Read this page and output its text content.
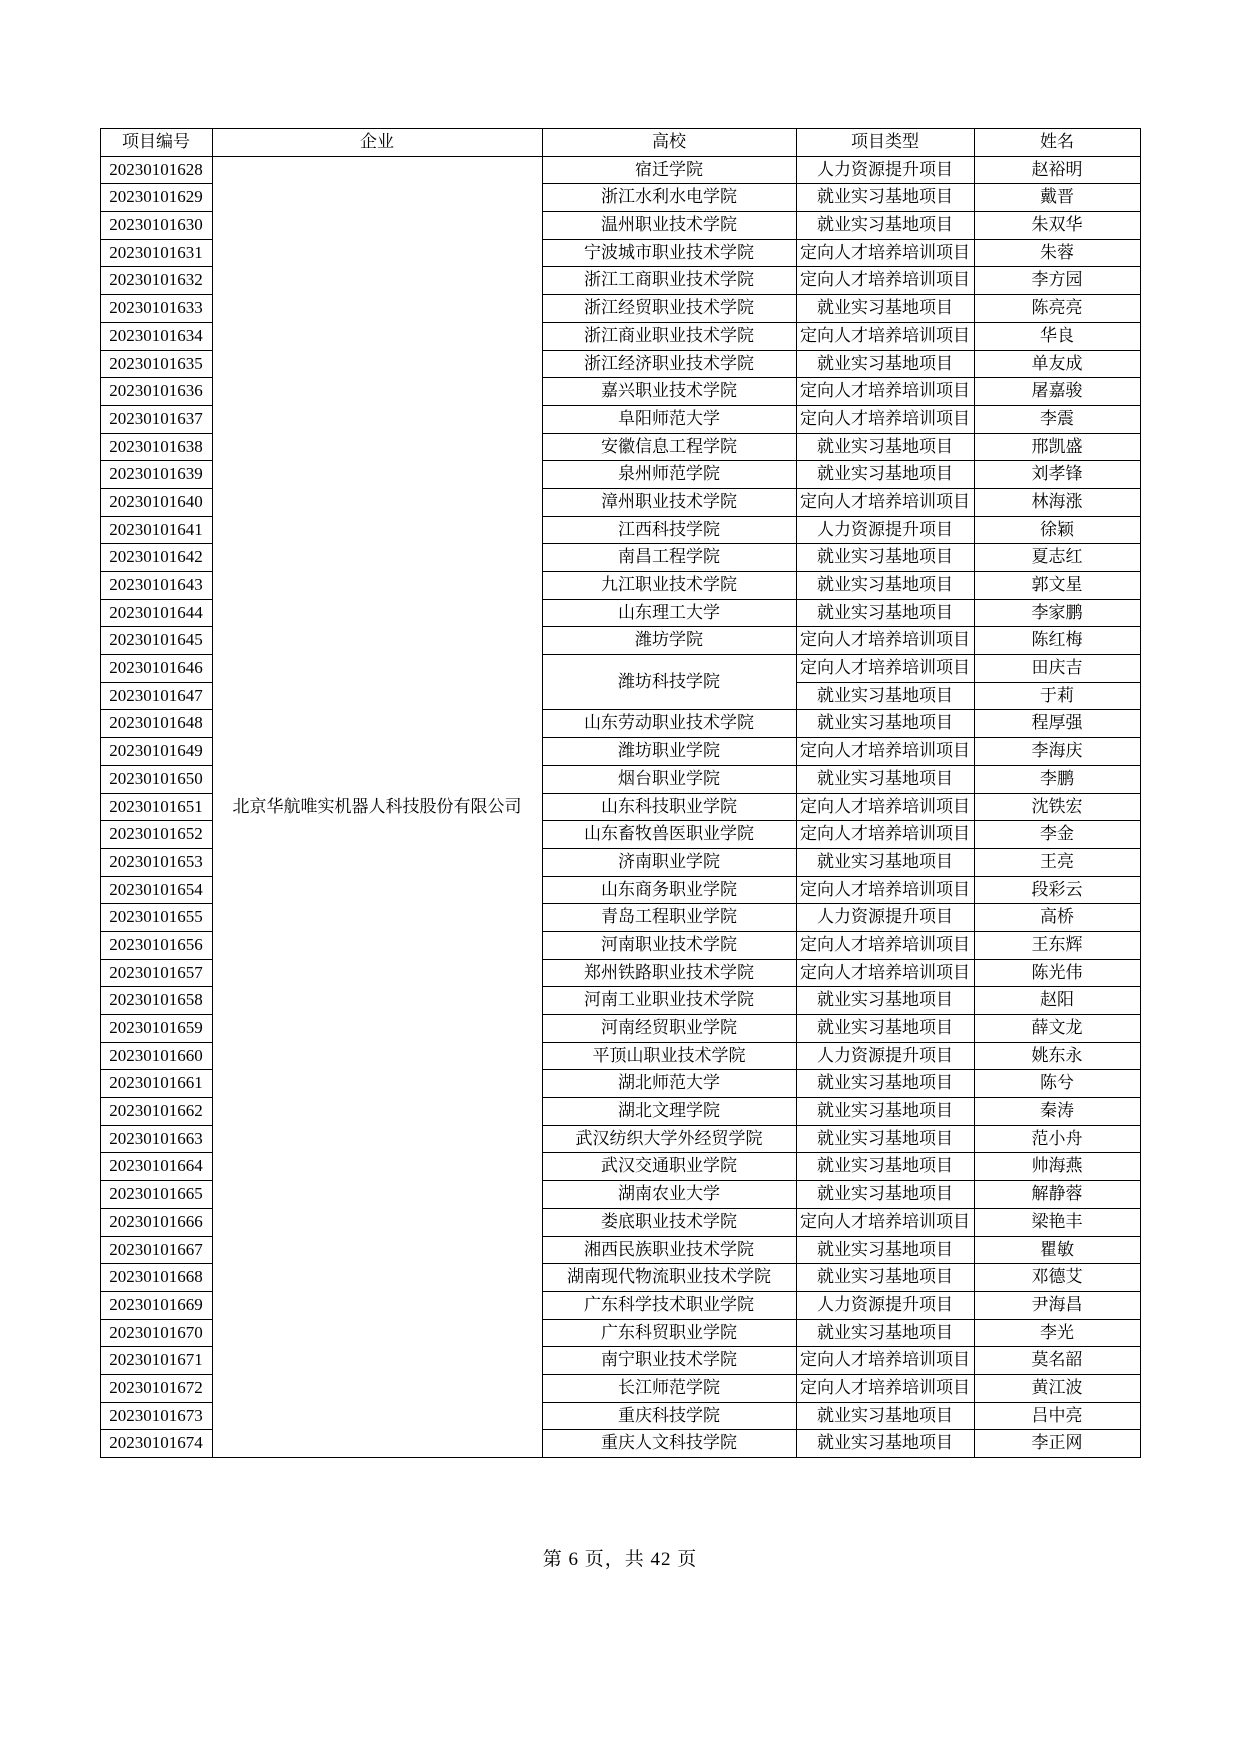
项目编号	企业	高校	项目类型	姓名
20230101628	北京华航唯实机器人科技股份有限公司	宿迁学院	人力资源提升项目	赵裕明
20230101629		浙江水利水电学院	就业实习基地项目	戴晋
20230101630		温州职业技术学院	就业实习基地项目	朱双华
20230101631		宁波城市职业技术学院	定向人才培养培训项目	朱蓉
20230101632		浙江工商职业技术学院	定向人才培养培训项目	李方园
20230101633		浙江经贸职业技术学院	就业实习基地项目	陈亮亮
20230101634		浙江商业职业技术学院	定向人才培养培训项目	华良
20230101635		浙江经济职业技术学院	就业实习基地项目	单友成
20230101636		嘉兴职业技术学院	定向人才培养培训项目	屠嘉骏
20230101637		阜阳师范大学	定向人才培养培训项目	李震
20230101638		安徽信息工程学院	就业实习基地项目	邢凯盛
20230101639		泉州师范学院	就业实习基地项目	刘孝锋
20230101640		漳州职业技术学院	定向人才培养培训项目	林海涨
20230101641		江西科技学院	人力资源提升项目	徐颖
20230101642		南昌工程学院	就业实习基地项目	夏志红
20230101643		九江职业技术学院	就业实习基地项目	郭文星
20230101644		山东理工大学	就业实习基地项目	李家鹏
20230101645		潍坊学院	定向人才培养培训项目	陈红梅
20230101646		潍坊科技学院	定向人才培养培训项目	田庆吉
20230101647			就业实习基地项目	于莉
20230101648		山东劳动职业技术学院	就业实习基地项目	程厚强
20230101649		潍坊职业学院	定向人才培养培训项目	李海庆
20230101650		烟台职业学院	就业实习基地项目	李鹏
20230101651		山东科技职业学院	定向人才培养培训项目	沈铁宏
20230101652		山东畜牧兽医职业学院	定向人才培养培训项目	李金
20230101653		济南职业学院	就业实习基地项目	王亮
20230101654		山东商务职业学院	定向人才培养培训项目	段彩云
20230101655		青岛工程职业学院	人力资源提升项目	高桥
20230101656		河南职业技术学院	定向人才培养培训项目	王东辉
20230101657		郑州铁路职业技术学院	定向人才培养培训项目	陈光伟
20230101658		河南工业职业技术学院	就业实习基地项目	赵阳
20230101659		河南经贸职业学院	就业实习基地项目	薛文龙
20230101660		平顶山职业技术学院	人力资源提升项目	姚东永
20230101661		湖北师范大学	就业实习基地项目	陈兮
20230101662		湖北文理学院	就业实习基地项目	秦涛
20230101663		武汉纺织大学外经贸学院	就业实习基地项目	范小舟
20230101664		武汉交通职业学院	就业实习基地项目	帅海燕
20230101665		湖南农业大学	就业实习基地项目	解静蓉
20230101666		娄底职业技术学院	定向人才培养培训项目	梁艳丰
20230101667		湘西民族职业技术学院	就业实习基地项目	瞿敏
20230101668		湖南现代物流职业技术学院	就业实习基地项目	邓德艾
20230101669		广东科学技术职业学院	人力资源提升项目	尹海昌
20230101670		广东科贸职业学院	就业实习基地项目	李光
20230101671		南宁职业技术学院	定向人才培养培训项目	莫名韶
20230101672		长江师范学院	定向人才培养培训项目	黄江波
20230101673		重庆科技学院	就业实习基地项目	吕中亮
20230101674		重庆人文科技学院	就业实习基地项目	李正网
第 6 页，共 42 页
